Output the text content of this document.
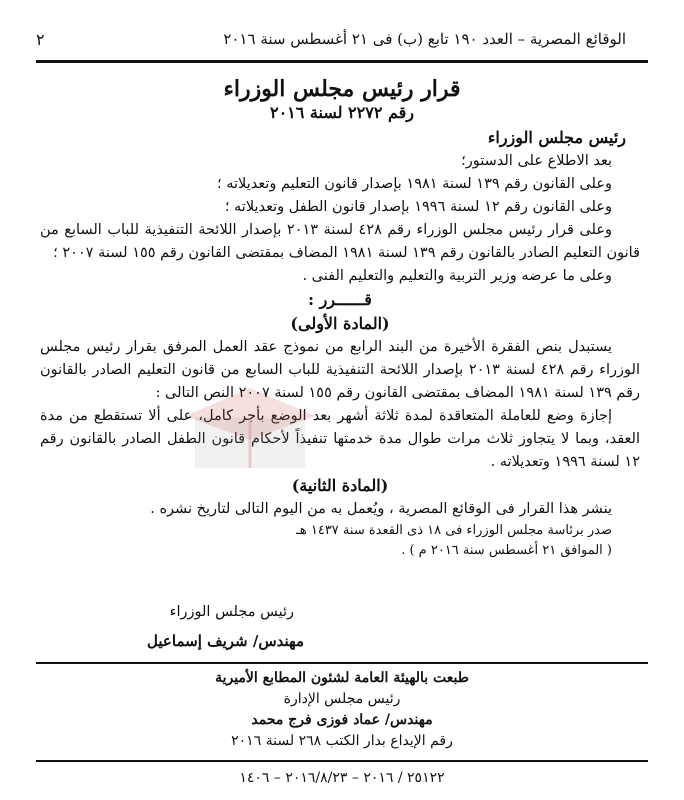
الوقائع المصرية – العدد ١٩٠ تابع (ب) فى ٢١ أغسطس سنة ٢٠١٦
٢
قرار رئيس مجلس الوزراء
رقم ٢٢٧٢ لسنة ٢٠١٦
رئيس مجلس الوزراء

بعد الاطلاع على الدستور؛

وعلى القانون رقم ١٣٩ لسنة ١٩٨١ بإصدار قانون التعليم وتعديلاته ؛

وعلى القانون رقم ١٢ لسنة ١٩٩٦ بإصدار قانون الطفل وتعديلاته ؛

وعلى قرار رئيس مجلس الوزراء رقم ٤٢٨ لسنة ٢٠١٣ بإصدار اللائحة التنفيذية للباب السابع من قانون التعليم الصادر بالقانون رقم ١٣٩ لسنة ١٩٨١ المضاف بمقتضى القانون رقم ١٥٥ لسنة ٢٠٠٧ ؛

وعلى ما عرضه وزير التربية والتعليم والتعليم الفنى .

قــــــرر :

(المادة الأولى)

يستبدل بنص الفقرة الأخيرة من البند الرابع من نموذج عقد العمل المرفق بقرار رئيس مجلس الوزراء رقم ٤٢٨ لسنة ٢٠١٣ بإصدار اللائحة التنفيذية للباب السابع من قانون التعليم الصادر بالقانون رقم ١٣٩ لسنة ١٩٨١ المضاف بمقتضى القانون رقم ١٥٥ لسنة ٢٠٠٧ النص التالى :

إجازة وضع للعاملة المتعاقدة لمدة ثلاثة أشهر بعد الوضع بأجر كامل، على ألا تستقطع من مدة العقد، وبما لا يتجاوز ثلاث مرات طوال مدة خدمتها تنفيذاً لأحكام قانون الطفل الصادر بالقانون رقم ١٢ لسنة ١٩٩٦ وتعديلاته .

(المادة الثانية)

ينشر هذا القرار فى الوقائع المصرية ، ويُعمل به من اليوم التالى لتاريخ نشره .

صدر برئاسة مجلس الوزراء فى ١٨ ذى القعدة سنة ١٤٣٧ هـ

( الموافق ٢١ أغسطس سنة ٢٠١٦ م ) .

رئيس مجلس الوزراء
مهندس/ شريف إسماعيل
طبعت بالهيئة العامة لشئون المطابع الأميرية
رئيس مجلس الإدارة
مهندس/ عماد فوزى فرج محمد
رقم الإيداع بدار الكتب ٢٦٨ لسنة ٢٠١٦
٢٥١٢٢ / ٢٠١٦ – ٢٠١٦/٨/٢٣ – ١٤٠٦
